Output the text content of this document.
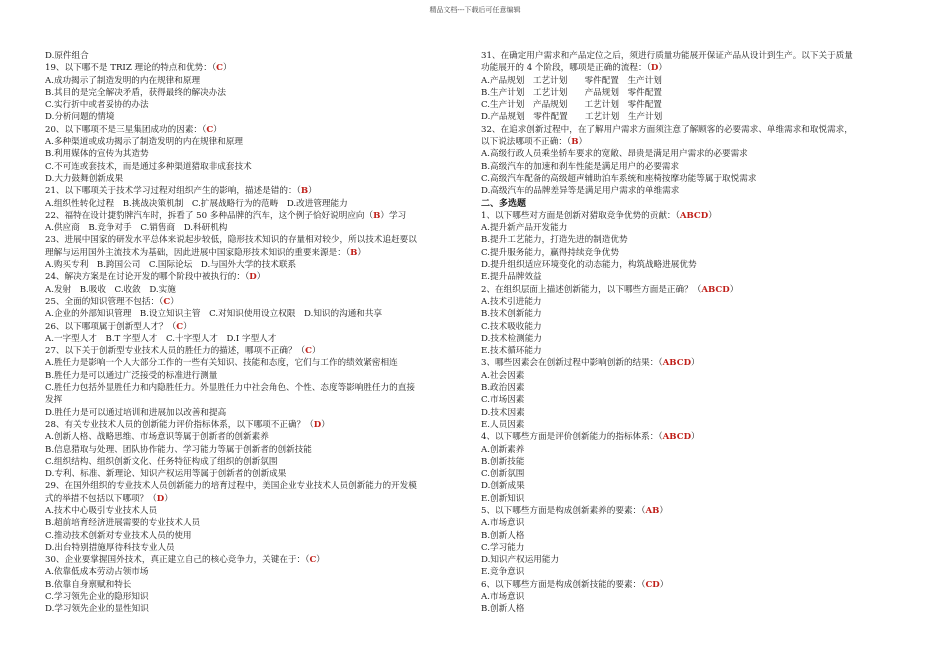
精品文档---下载后可任意编辑
D.原件组合
19、以下哪不是 TRIZ 理论的特点和优势：（C）
A.成功揭示了制造发明的内在规律和原理
B.其目的是完全解决矛盾，获得最终的解决办法
C.实行折中或者妥协的办法
D.分析问题的情境
20、以下哪项不是三星集团成功的因素：（C）
A.多种渠道或成功揭示了制造发明的内在规律和原理
B.利用媒体的宣传为其造势
C.不可连或套技术，而是通过多种渠道猎取非成套技术
D.大力鼓舞创新成果
21、以下哪项关于技术学习过程对组织产生的影响，描述是错的：（B）
A.组织性转化过程　B.挑战决策机制　C.扩展战略行为的范畴　D.改进管理能力
22、福特在设计捷豹牌汽车时，拆看了 50 多种品牌的汽车，这个例子恰好说明应向（B）学习
A.供应商　B.竞争对手　C.销售商　D.科研机构
23、进展中国家的研发水平总体来说起步较低，隐形技术知识的存量相对较少，所以技术追赶要以
理解与运用国外主流技术为基础，因此进展中国家隐形技术知识的重要来源是：（B）
A.购买专利　B.跨国公司　C.国际论坛　D.与国外大学的技术联系
24、解决方案是在讨论开发的哪个阶段中被执行的：（D）
A.发射　B.吸收　C.收敛　D.实施
25、全面的知识管理不包括：（C）
A.企业的外部知识管理　B.设立知识主管　C.对知识使用设立权限　D.知识的沟通和共享
26、以下哪项属于创新型人才？（C）
A.一字型人才　B.T 字型人才　C.十字型人才　D.I 字型人才
27、以下关于创新型专业技术人员的胜任力的描述，哪项不正确？（C）
A.胜任力是影响一个人大部分工作的一些有关知识、技能和态度，它们与工作的绩效紧密相连
B.胜任力是可以通过广泛接受的标准进行测量
C.胜任力包括外显胜任力和内隐胜任力。外显胜任力中社会角色、个性、态度等影响胜任力的直接
发挥
D.胜任力是可以通过培训和进展加以改善和提高
28、有关专业技术人员的创新能力评价指标体系，以下哪项不正确？（D）
A.创新人格、战略思维、市场意识等属于创新者的创新素养
B.信息猎取与处理、团队协作能力、学习能力等属于创新者的创新技能
C.组织结构、组织创新文化、任务特征构成了组织的创新氛围
D.专利、标准、新理论、知识产权运用等属于创新者的创新成果
29、在国外组织的专业技术人员创新能力的培育过程中，美国企业专业技术人员创新能力的开发模
式的举措不包括以下哪项？（D）
A.技术中心吸引专业技术人员
B.超前培育经济进展需要的专业技术人员
C.推动技术创新对专业技术人员的使用
D.出台特别措施厚待科技专业人员
30、企业要掌握国外技术，真正建立自己的核心竞争力，关键在于：（C）
A.依靠低成本劳动占领市场
B.依靠自身禀赋和特长
C.学习领先企业的隐形知识
D.学习领先企业的显性知识
31、在确定用户需求和产品定位之后，须进行质量功能展开保证产品从设计到生产。以下关于质量
功能展开的 4 个阶段，哪项是正确的流程：（D）
A.产品规划　工艺计划　　零件配置　生产计划
B.生产计划　工艺计划　　产品规划　零件配置
C.生产计划　产品规划　　工艺计划　零件配置
D.产品规划　零件配置　　工艺计划　生产计划
32、在追求创新过程中，在了解用户需求方面须注意了解顾客的必要需求、单维需求和取悦需求，
以下说法哪项不正确：（B）
A.高级行政人员乘坐轿车要求的宽敞、昂贵是满足用户需求的必要需求
B.高级汽车的加速和刹车性能是满足用户的必要需求
C.高级汽车配备的高级超声辅助泊车系统和座椅按摩功能等属于取悦需求
D.高级汽车的品牌差异等是满足用户需求的单维需求
二、多选题
1、以下哪些对方面是创新对猎取竞争优势的贡献：（ABCD）
A.提升新产品开发能力
B.提升工艺能力，打造先进的制造优势
C.提升服务能力，赢得持续竞争优势
D.提升组织适应环境变化的动态能力，构筑战略进展优势
E.提升品牌效益
2、在组织层面上描述创新能力，以下哪些方面是正确？（ABCD）
A.技术引进能力
B.技术创新能力
C.技术吸收能力
D.技术检测能力
E.技术循环能力
3、哪些因素会在创新过程中影响创新的结果：（ABCD）
A.社会因素
B.政治因素
C.市场因素
D.技术因素
E.人员因素
4、以下哪些方面是评价创新能力的指标体系：（ABCD）
A.创新素养
B.创新技能
C.创新氛围
D.创新成果
E.创新知识
5、以下哪些方面是构成创新素养的要素：（AB）
A.市场意识
B.创新人格
C.学习能力
D.知识产权运用能力
E.竞争意识
6、以下哪些方面是构成创新技能的要素：（CD）
A.市场意识
B.创新人格
